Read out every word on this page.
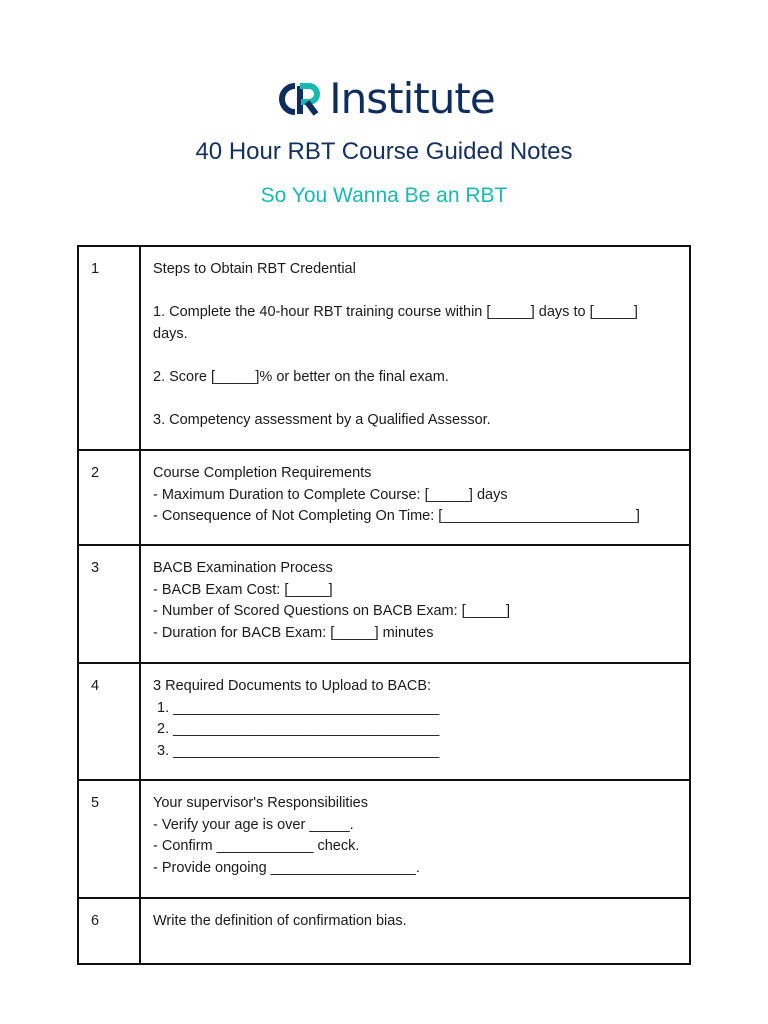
Institute
40 Hour RBT Course Guided Notes
So You Wanna Be an RBT
1	Steps to Obtain RBT Credential
1. Complete the 40-hour RBT training course within [_____] days to [_____]
days.
2. Score [_____]% or better on the final exam.
3. Competency assessment by a Qualified Assessor.

2	Course Completion Requirements
- Maximum Duration to Complete Course: [_____] days
- Consequence of Not Completing On Time: [________________________]

3	BACB Examination Process
- BACB Exam Cost: [_____]
- Number of Scored Questions on BACB Exam: [_____]
- Duration for BACB Exam: [_____] minutes

4	3 Required Documents to Upload to BACB:
1. _________________________________
2. _________________________________
3. _________________________________

5	Your supervisor's Responsibilities
- Verify your age is over _____.
- Confirm ____________ check.
- Provide ongoing __________________.

6	Write the definition of confirmation bias.
